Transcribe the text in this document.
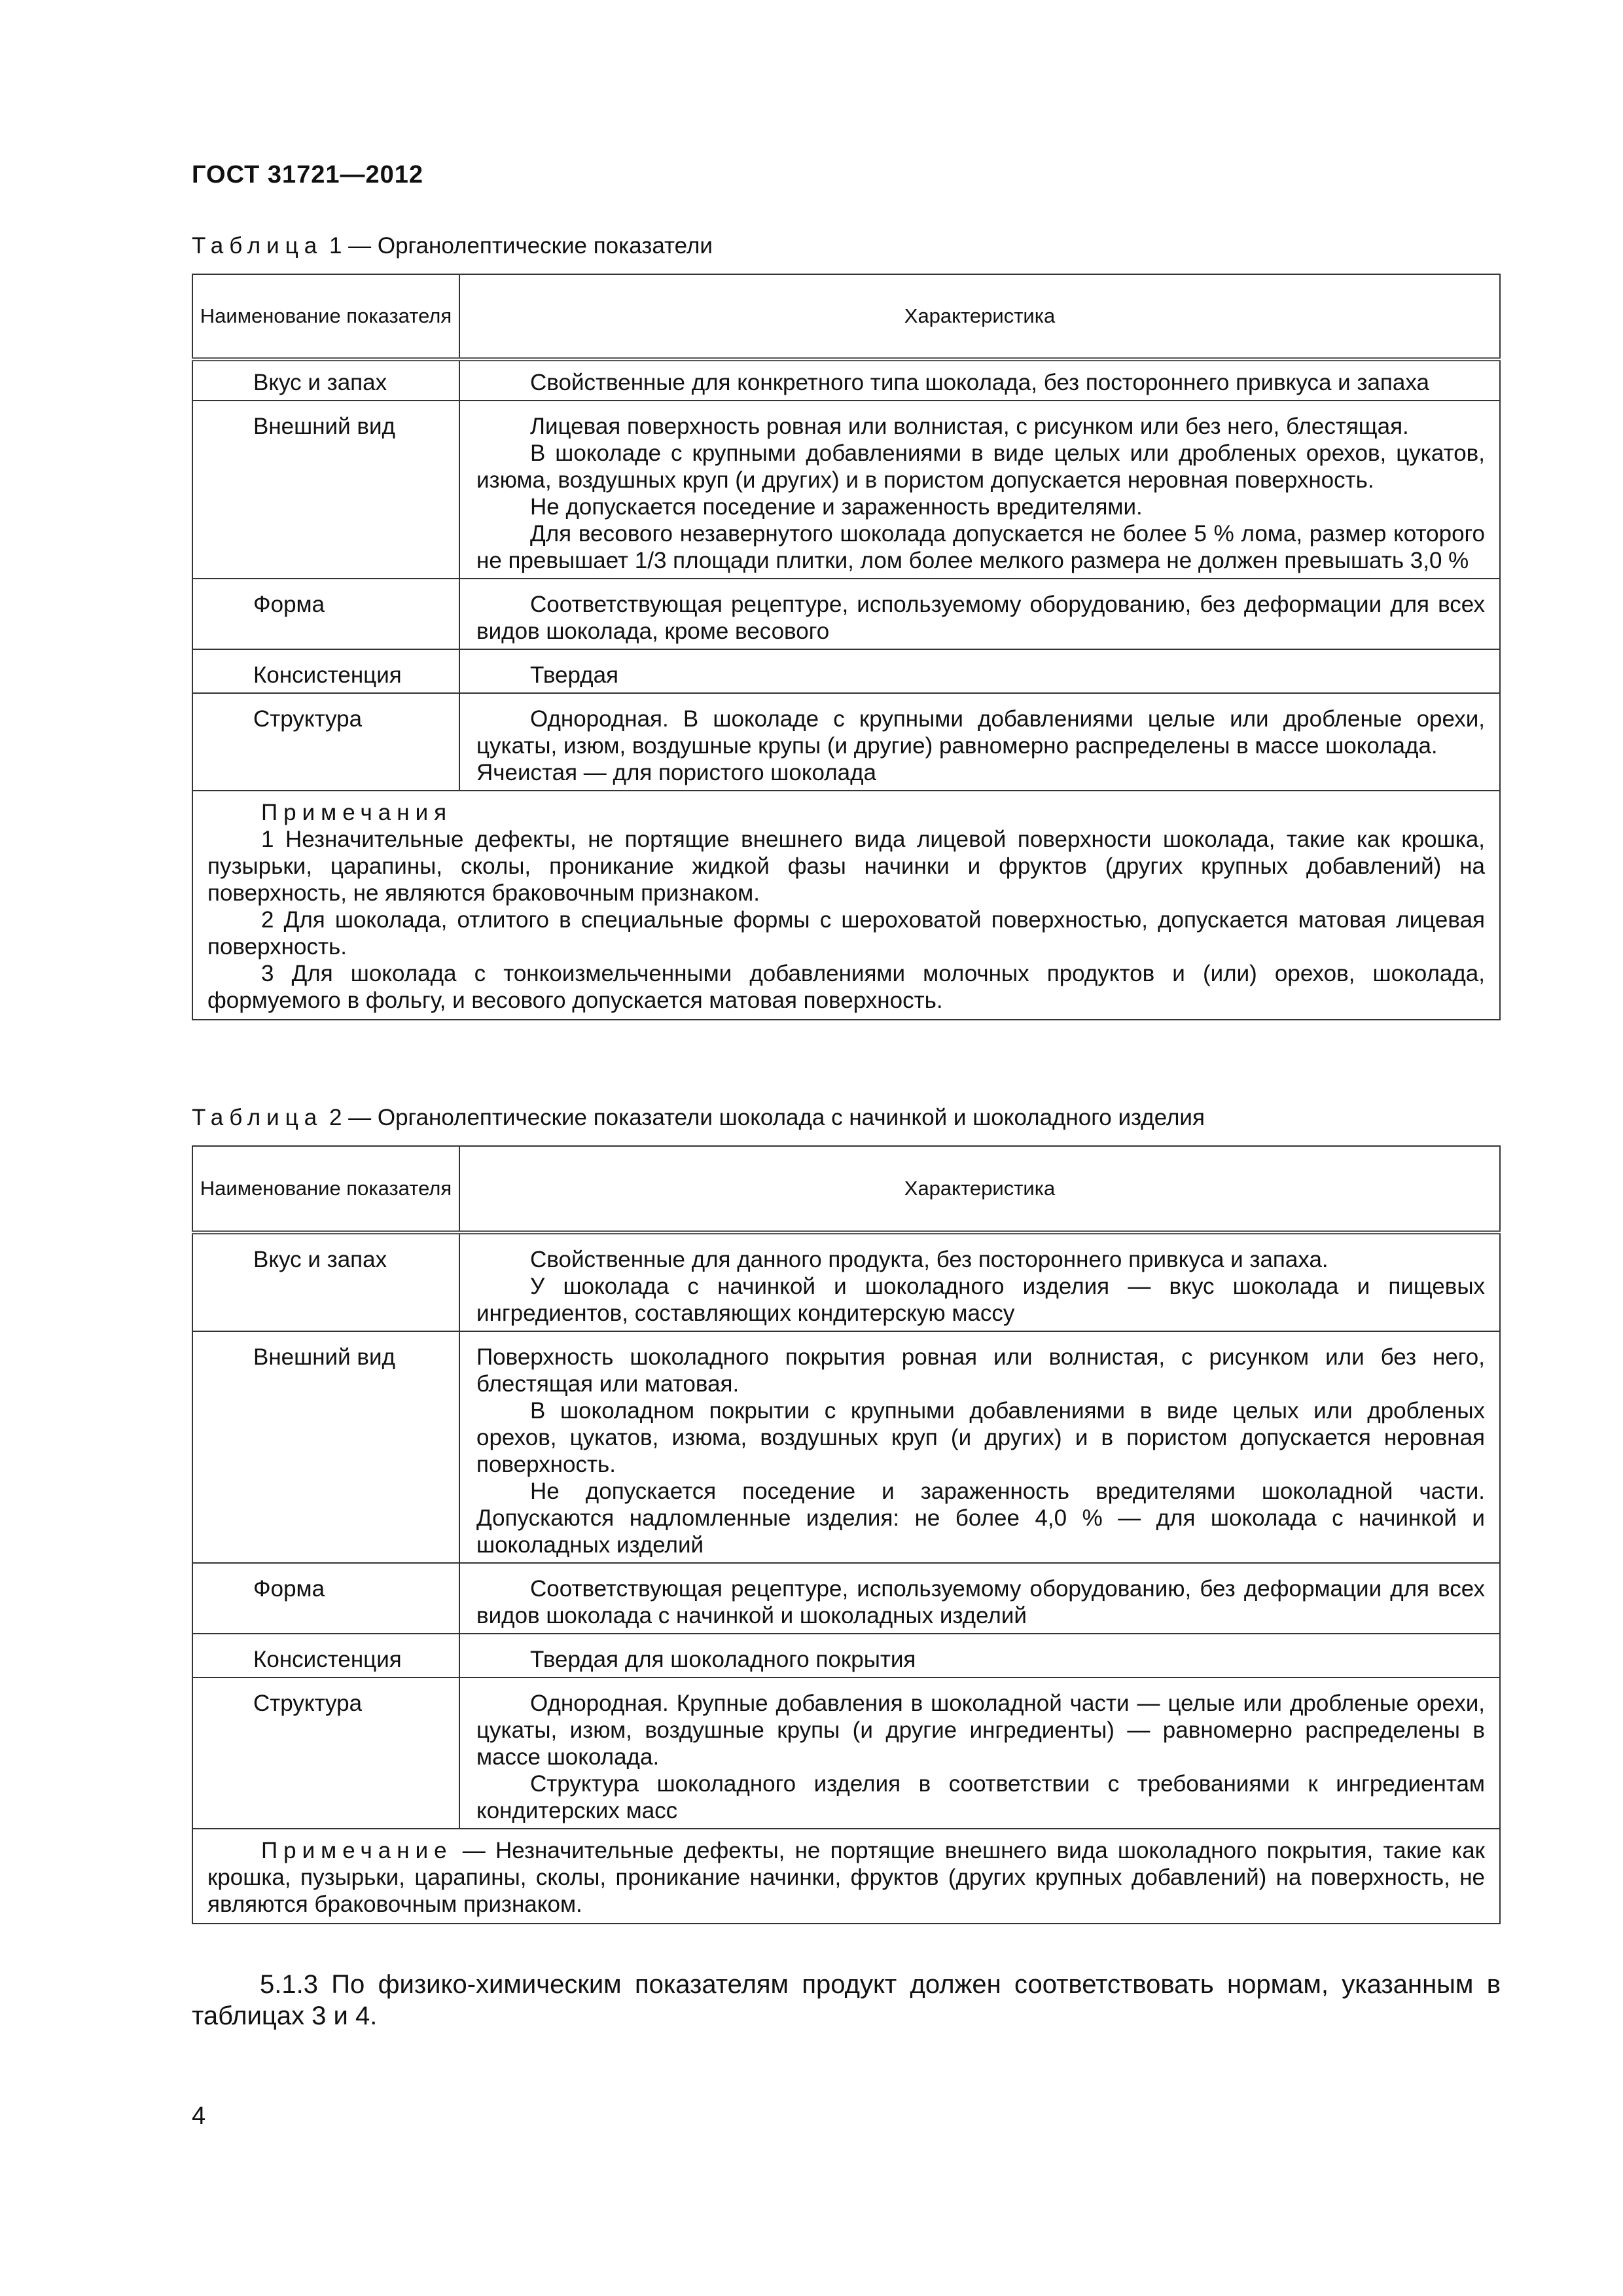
ГОСТ 31721—2012
Таблица 1 — Органолептические показатели
Наименование показателя	Характеристика
Вкус и запах	Свойственные для конкретного типа шоколада, без постороннего привкуса и запаха

Внешний вид	Лицевая поверхность ровная или волнистая, с рисунком или без него, блестящая.
В шоколаде с крупными добавлениями в виде целых или дробленых орехов, цукатов, изюма, воздушных круп (и других) и в пористом допускается неровная поверхность.
Не допускается поседение и зараженность вредителями.
Для весового незавернутого шоколада допускается не более 5 % лома, размер которого не превышает 1/3 площади плитки, лом более мелкого размера не должен превышать 3,0 %

Форма	Соответствующая рецептуре, используемому оборудованию, без деформации для всех видов шоколада, кроме весового

Консистенция	Твердая

Структура	Однородная. В шоколаде с крупными добавлениями целые или дробленые орехи, цукаты, изюм, воздушные крупы (и другие) равномерно распределены в массе шоколада.
Ячеистая — для пористого шоколада

Примечания
1 Незначительные дефекты, не портящие внешнего вида лицевой поверхности шоколада, такие как крошка, пузырьки, царапины, сколы, проникание жидкой фазы начинки и фруктов (других крупных добавлений) на поверхность, не являются браковочным признаком.
2 Для шоколада, отлитого в специальные формы с шероховатой поверхностью, допускается матовая лицевая поверхность.
3 Для шоколада с тонкоизмельченными добавлениями молочных продуктов и (или) орехов, шоколада, формуемого в фольгу, и весового допускается матовая поверхность.	
Таблица 2 — Органолептические показатели шоколада с начинкой и шоколадного изделия
Наименование показателя	Характеристика
Вкус и запах	Свойственные для данного продукта, без постороннего привкуса и запаха.
У шоколада с начинкой и шоколадного изделия — вкус шоколада и пищевых ингредиентов, составляющих кондитерскую массу

Внешний вид	Поверхность шоколадного покрытия ровная или волнистая, с рисунком или без него, блестящая или матовая.
В шоколадном покрытии с крупными добавлениями в виде целых или дробленых орехов, цукатов, изюма, воздушных круп (и других) и в пористом допускается неровная поверхность.
Не допускается поседение и зараженность вредителями шоколадной части. Допускаются надломленные изделия: не более 4,0 % — для шоколада с начинкой и шоколадных изделий

Форма	Соответствующая рецептуре, используемому оборудованию, без деформации для всех видов шоколада с начинкой и шоколадных изделий

Консистенция	Твердая для шоколадного покрытия

Структура	Однородная. Крупные добавления в шоколадной части — целые или дробленые орехи, цукаты, изюм, воздушные крупы (и другие ингредиенты) — равномерно распределены в массе шоколада.
Структура шоколадного изделия в соответствии с требованиями к ингредиентам кондитерских масс

Примечание — Незначительные дефекты, не портящие внешнего вида шоколадного покрытия, такие как крошка, пузырьки, царапины, сколы, проникание начинки, фруктов (других крупных добавлений) на поверхность, не являются браковочным признаком.	
5.1.3 По физико-химическим показателям продукт должен соответствовать нормам, указанным в таблицах 3 и 4.
4
